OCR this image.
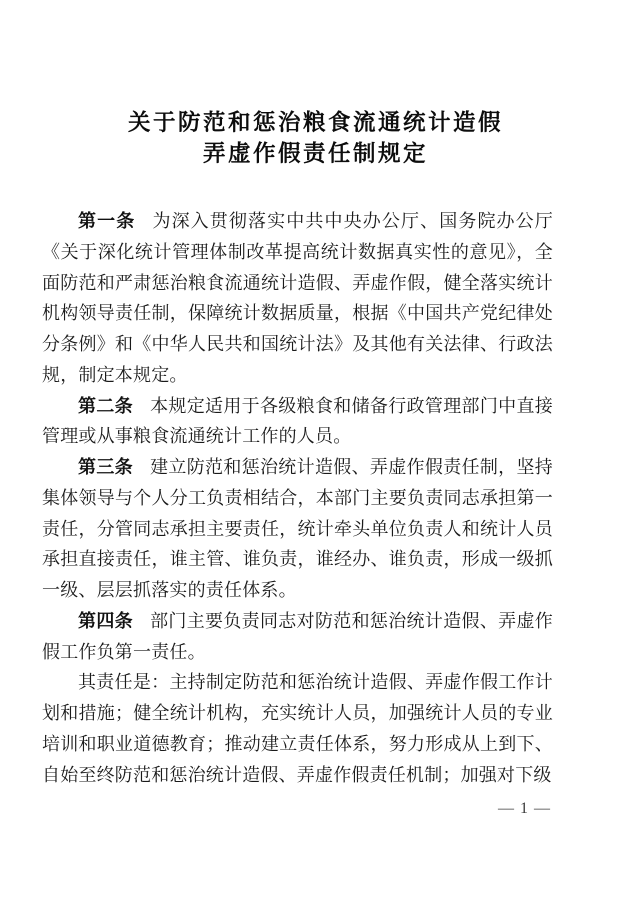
关于防范和惩治粮食流通统计造假
弄虚作假责任制规定

第一条 为深入贯彻落实中共中央办公厅、国务院办公厅《关于深化统计管理体制改革提高统计数据真实性的意见》，全面防范和严肃惩治粮食流通统计造假、弄虚作假，健全落实统计机构领导责任制，保障统计数据质量，根据《中国共产党纪律处分条例》和《中华人民共和国统计法》及其他有关法律、行政法规，制定本规定。

第二条 本规定适用于各级粮食和储备行政管理部门中直接管理或从事粮食流通统计工作的人员。

第三条 建立防范和惩治统计造假、弄虚作假责任制，坚持集体领导与个人分工负责相结合，本部门主要负责同志承担第一责任，分管同志承担主要责任，统计牵头单位负责人和统计人员承担直接责任，谁主管、谁负责，谁经办、谁负责，形成一级抓一级、层层抓落实的责任体系。

第四条 部门主要负责同志对防范和惩治统计造假、弄虚作假工作负第一责任。

其责任是：主持制定防范和惩治统计造假、弄虚作假工作计划和措施；健全统计机构，充实统计人员，加强统计人员的专业培训和职业道德教育；推动建立责任体系，努力形成从上到下、自始至终防范和惩治统计造假、弄虚作假责任机制；加强对下级

— 1 —
